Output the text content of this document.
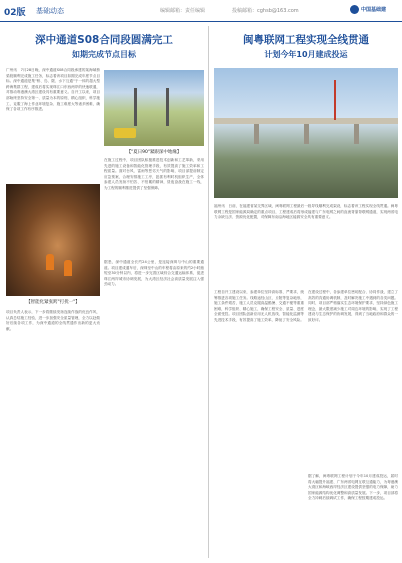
02版 基础动态	编辑邮箱：责任编辑	投稿邮箱：cghsb@163.com	中国基础建
深中通道S08合同段圆满完工
如期完成节点目标
广州讯　7月28日晚，深中通道S08合同段承建的某海域桥梁段顺利完成施工任务，标志着该项目如期完成年度节点目标。深中通道是集"桥、岛、隧、水下互通"于一体的超大型跨海集群工程，建成后将实现珠江口东西两岸的快速联通，对推动粤港澳大湾区建设具有重要意义。自开工以来，项目部始终坚持安全第一、质量为本的原则，精心组织、科学施工，克服了海上作业环境复杂、施工难度大等诸多困难，确保了各项工作有序推进。
【"夏日90"紧跟深中地缘】
在施工过程中，项目团队积极推进技术创新和工艺革新，采用先进的施工设备和智能化管理手段，有效提高了施工效率和工程质量。面对台风、雷雨等恶劣天气的影响，项目部提前制定应急预案，合理安排施工工序，抢抓有利时机组织生产，全体参建人员发扬不怕苦、不怕累的精神，昼夜奋战在施工一线，为工程的顺利推进提供了坚强保障。
【智能化紧张跨"打扰一"】
项目负责人表示，下一步将继续发扬连续作战的优良作风，认真总结施工经验，进一步加强安全质量管理，全力以赴做好后续各项工作，为深中通道的全线贯通作出新的更大贡献。
据悉，深中通道全长约24公里，是连接深圳与中山的重要通道。项目建成通车后，深圳至中山的车程将由原来的约2小时缩短至30分钟以内，将进一步完善区域综合交通运输体系，促进珠江两岸城市协调发展，为大湾区经济社会高质量发展注入强劲动力。
闽粤联网工程实现全线贯通
计划今年10月建成投运
福州讯　日前，在福建省某交界区域，闽粤联网工程最后一段导线顺利完成架设，标志着该工程实现全线贯通。闽粤联网工程是国家能源局确定的重点项目，工程建成后将形成福建与广东电网之间的直流背靠背联网通道，实现两省电力余缺互济、资源优化配置，对保障东南沿海地区能源安全具有重要意义。
工程自开工建设以来，参建单位坚持高标准、严要求，统筹推进各项施工任务。线路途经山区、丘陵等复杂地形，施工条件艰苦，施工人员克服高温酷暑、交通不便等重重困难，科学组织、精心施工，确保工程安全、质量、进度全面受控。项目团队创新应用无人机放线、智能化监测等先进技术手段，有效提高了施工效率，降低了安全风险。
在建设过程中，各参建单位密切配合、协同作战，建立了高效的沟通协调机制，及时解决施工中遇到的各类问题。同时，项目部严格落实生态环境保护要求，坚持绿色施工理念，最大限度减少施工对周边环境的影响，实现了工程建设与生态保护的协调发展，得到了当地政府和群众的一致好评。
据了解，闽粤联网工程计划于今年10月建成投运，届时将大幅提升福建、广东两省电网互联互通能力，为粤港澳大湾区和海峡西岸经济区建设提供坚强的电力保障，助力国家能源结构优化调整和高质量发展。下一步，项目部将全力冲刺后续调试工作，确保工程按期建成投运。
